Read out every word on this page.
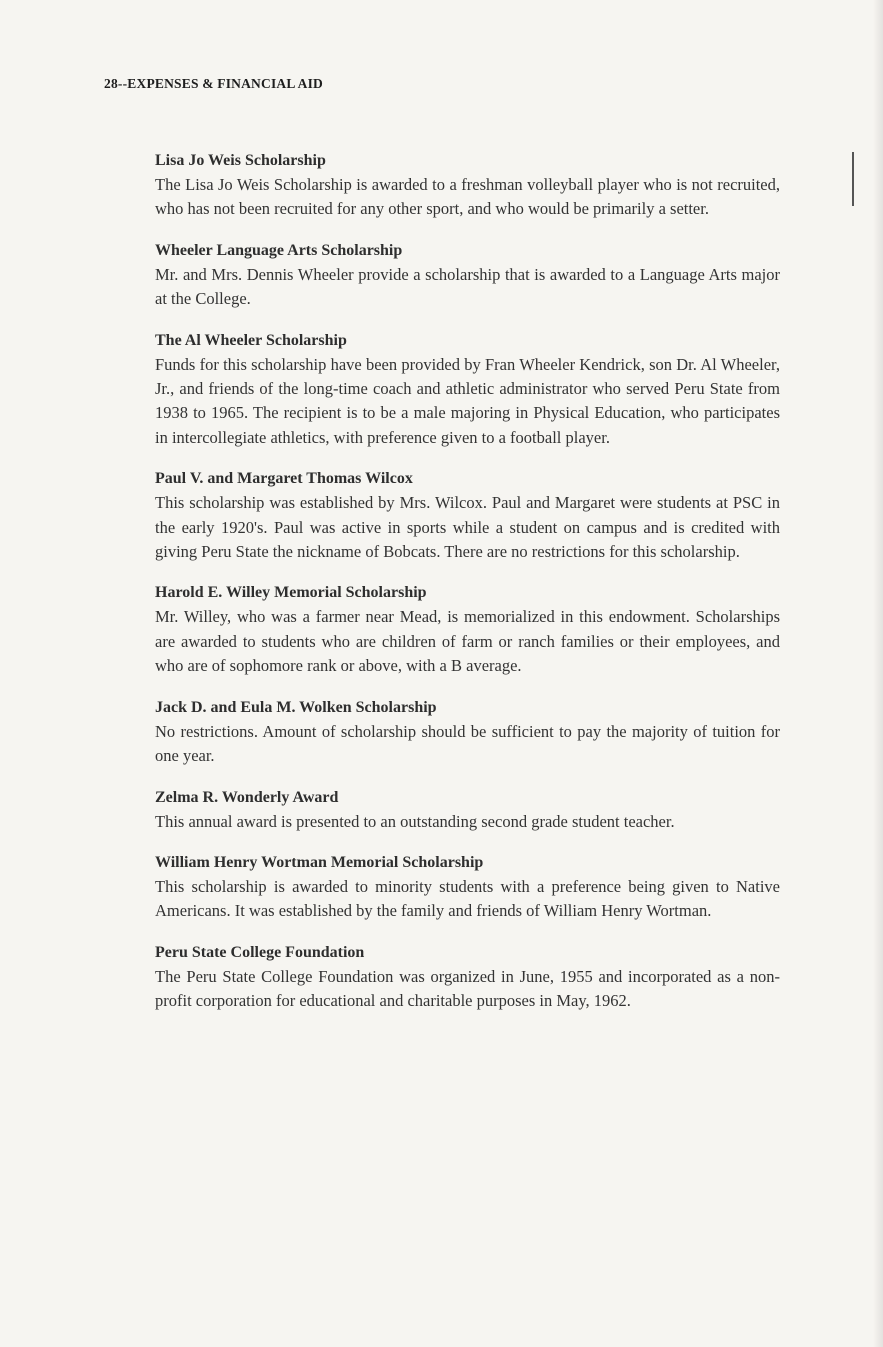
28--EXPENSES & FINANCIAL AID
Lisa Jo Weis Scholarship

The Lisa Jo Weis Scholarship is awarded to a freshman volleyball player who is not recruited, who has not been recruited for any other sport, and who would be primarily a setter.

Wheeler Language Arts Scholarship

Mr. and Mrs. Dennis Wheeler provide a scholarship that is awarded to a Language Arts major at the College.

The Al Wheeler Scholarship

Funds for this scholarship have been provided by Fran Wheeler Kendrick, son Dr. Al Wheeler, Jr., and friends of the long-time coach and athletic administrator who served Peru State from 1938 to 1965. The recipient is to be a male majoring in Physical Education, who participates in intercollegiate athletics, with preference given to a football player.

Paul V. and Margaret Thomas Wilcox

This scholarship was established by Mrs. Wilcox. Paul and Margaret were students at PSC in the early 1920's. Paul was active in sports while a student on campus and is credited with giving Peru State the nickname of Bobcats. There are no restrictions for this scholarship.

Harold E. Willey Memorial Scholarship

Mr. Willey, who was a farmer near Mead, is memorialized in this endowment. Scholarships are awarded to students who are children of farm or ranch families or their employees, and who are of sophomore rank or above, with a B average.

Jack D. and Eula M. Wolken Scholarship

No restrictions. Amount of scholarship should be sufficient to pay the majority of tuition for one year.

Zelma R. Wonderly Award

This annual award is presented to an outstanding second grade student teacher.

William Henry Wortman Memorial Scholarship

This scholarship is awarded to minority students with a preference being given to Native Americans. It was established by the family and friends of William Henry Wortman.

Peru State College Foundation

The Peru State College Foundation was organized in June, 1955 and incorporated as a non-profit corporation for educational and charitable purposes in May, 1962.
